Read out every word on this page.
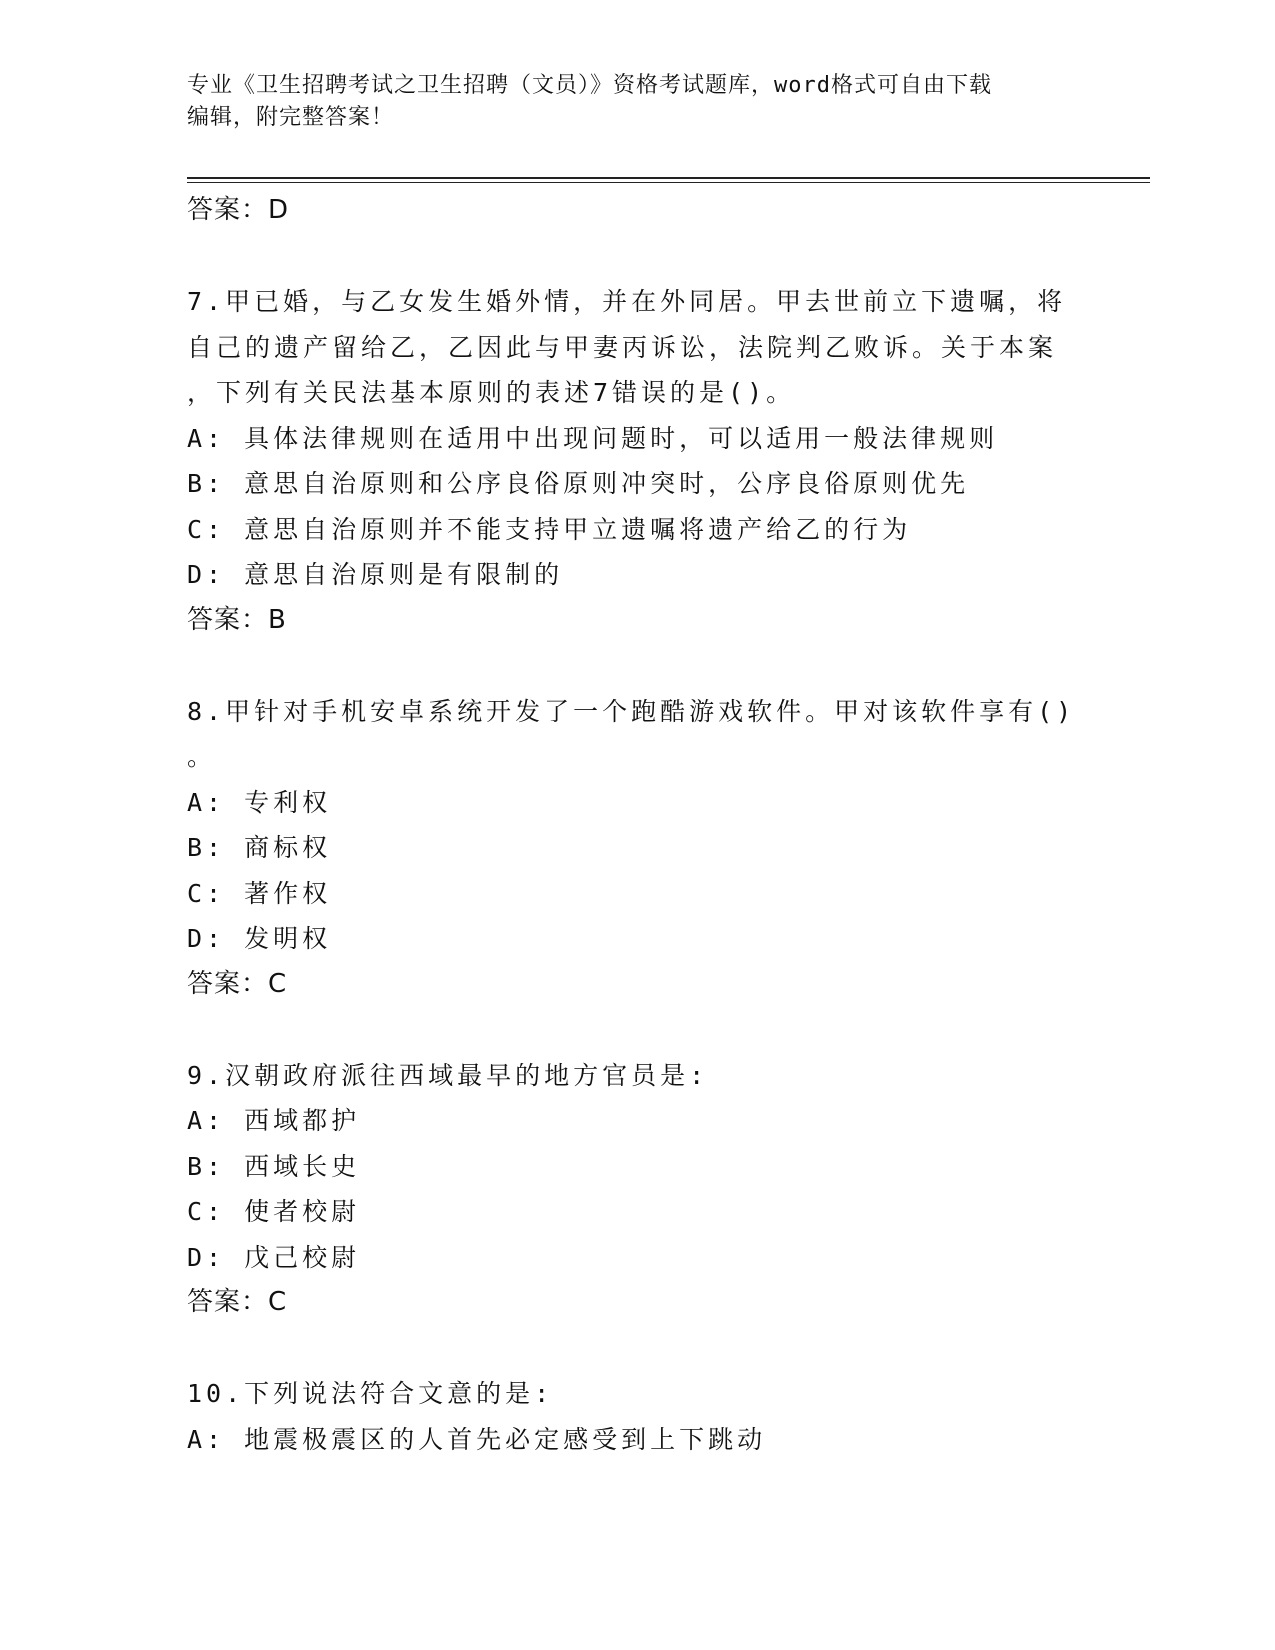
专业《卫生招聘考试之卫生招聘（文员）》资格考试题库，word格式可自由下载
编辑，附完整答案！
答案：D
7.甲已婚，与乙女发生婚外情，并在外同居。甲去世前立下遗嘱，将
自己的遗产留给乙，乙因此与甲妻丙诉讼，法院判乙败诉。关于本案
，下列有关民法基本原则的表述7错误的是()。
A: 具体法律规则在适用中出现问题时，可以适用一般法律规则
B: 意思自治原则和公序良俗原则冲突时，公序良俗原则优先
C: 意思自治原则并不能支持甲立遗嘱将遗产给乙的行为
D: 意思自治原则是有限制的
答案：B
8.甲针对手机安卓系统开发了一个跑酷游戏软件。甲对该软件享有()
。
A: 专利权
B: 商标权
C: 著作权
D: 发明权
答案：C
9.汉朝政府派往西域最早的地方官员是:
A: 西域都护
B: 西域长史
C: 使者校尉
D: 戊己校尉
答案：C
10.下列说法符合文意的是:
A: 地震极震区的人首先必定感受到上下跳动
